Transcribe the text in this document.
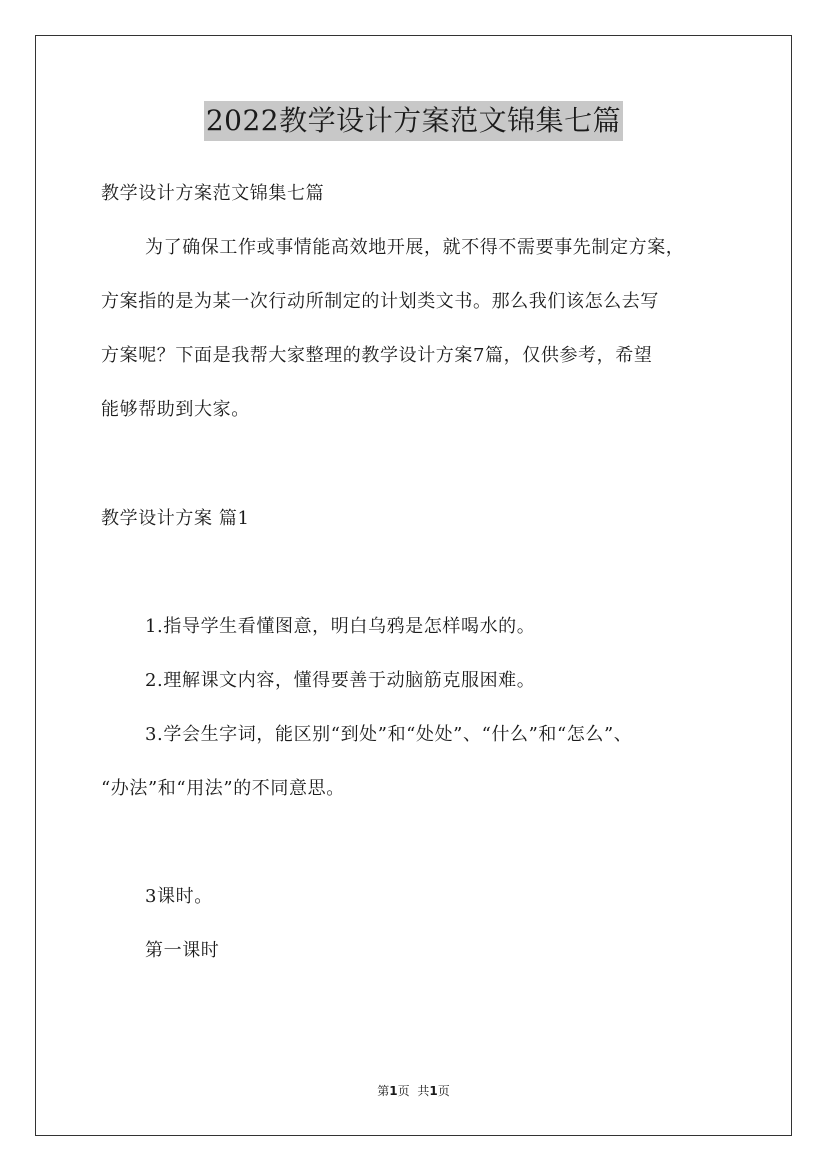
2022教学设计方案范文锦集七篇
教学设计方案范文锦集七篇
为了确保工作或事情能高效地开展，就不得不需要事先制定方案，
方案指的是为某一次行动所制定的计划类文书。那么我们该怎么去写
方案呢？下面是我帮大家整理的教学设计方案7篇，仅供参考，希望
能够帮助到大家。
教学设计方案 篇1
1.指导学生看懂图意，明白乌鸦是怎样喝水的。
2.理解课文内容，懂得要善于动脑筋克服困难。
3.学会生字词，能区别“到处”和“处处”、“什么”和“怎么”、
“办法”和“用法”的不同意思。
3课时。
第一课时
第1页 共1页
